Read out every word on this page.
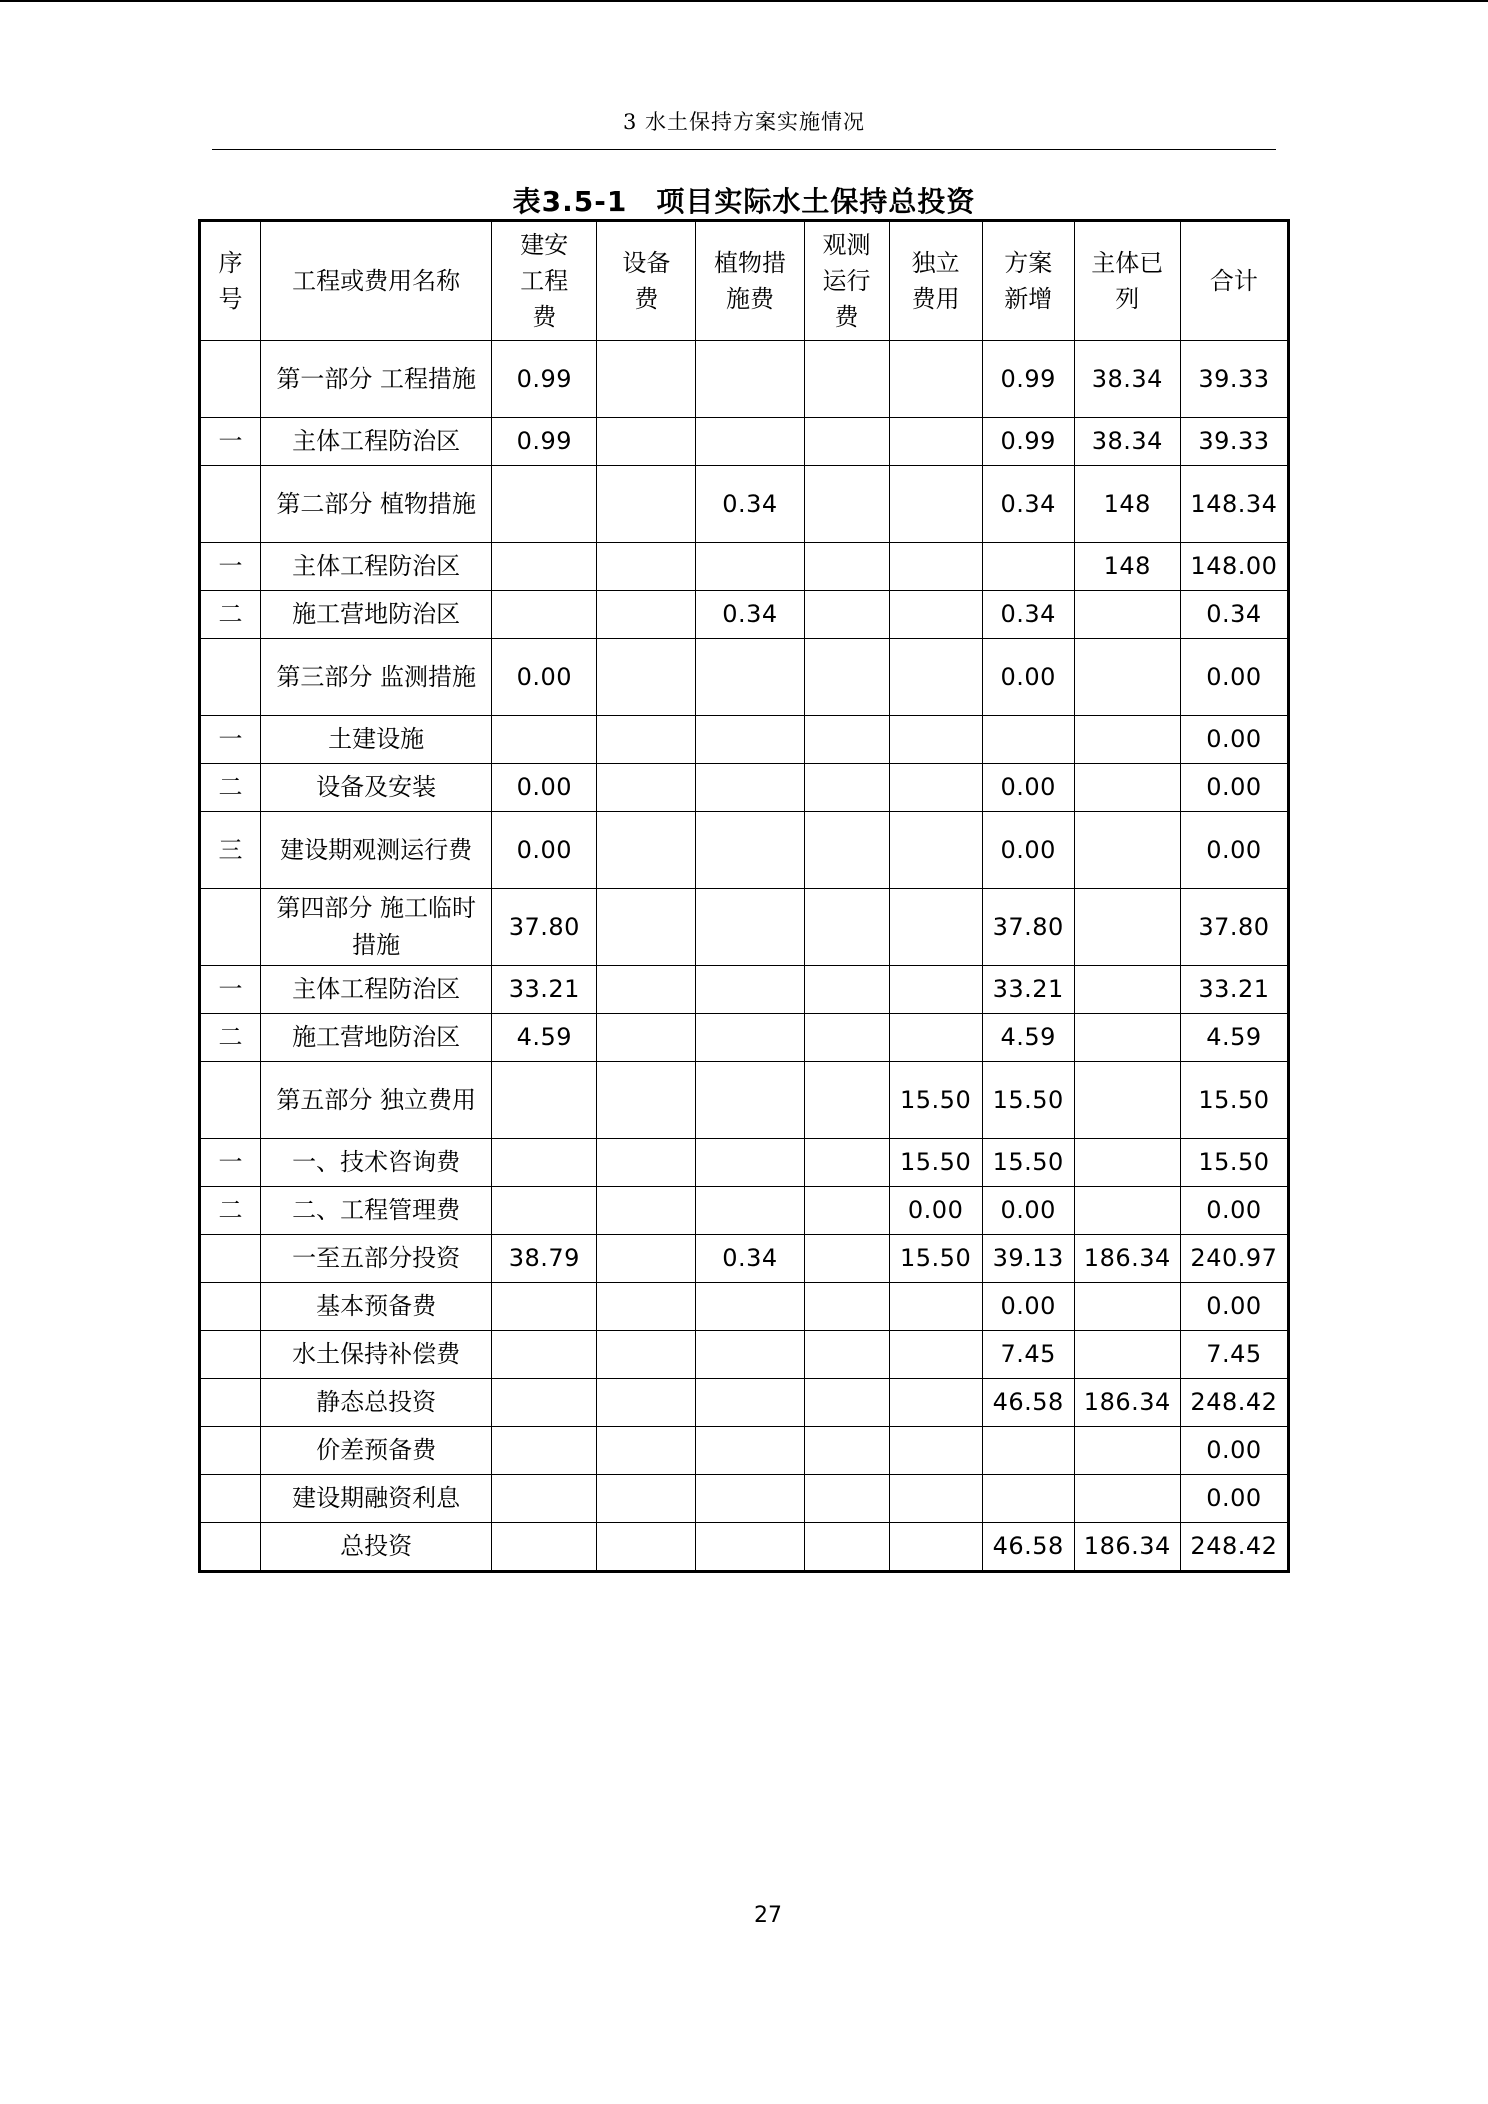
3 水土保持方案实施情况
表3.5-1　项目实际水土保持总投资
序号	工程或费用名称	建安工程费	设备费	植物措施费	观测运行费	独立费用	方案新增	主体已列	合计
	第一部分 工程措施	0.99					0.99	38.34	39.33
一	主体工程防治区	0.99					0.99	38.34	39.33
	第二部分 植物措施			0.34			0.34	148	148.34
一	主体工程防治区							148	148.00
二	施工营地防治区			0.34			0.34		0.34
	第三部分 监测措施	0.00					0.00		0.00
一	土建设施								0.00
二	设备及安装	0.00					0.00		0.00
三	建设期观测运行费	0.00					0.00		0.00
	第四部分 施工临时措施	37.80					37.80		37.80
一	主体工程防治区	33.21					33.21		33.21
二	施工营地防治区	4.59					4.59		4.59
	第五部分 独立费用					15.50	15.50		15.50
一	一、技术咨询费					15.50	15.50		15.50
二	二、工程管理费					0.00	0.00		0.00
	一至五部分投资	38.79		0.34		15.50	39.13	186.34	240.97
	基本预备费						0.00		0.00
	水土保持补偿费						7.45		7.45
	静态总投资						46.58	186.34	248.42
	价差预备费								0.00
	建设期融资利息								0.00
	总投资						46.58	186.34	248.42
27
